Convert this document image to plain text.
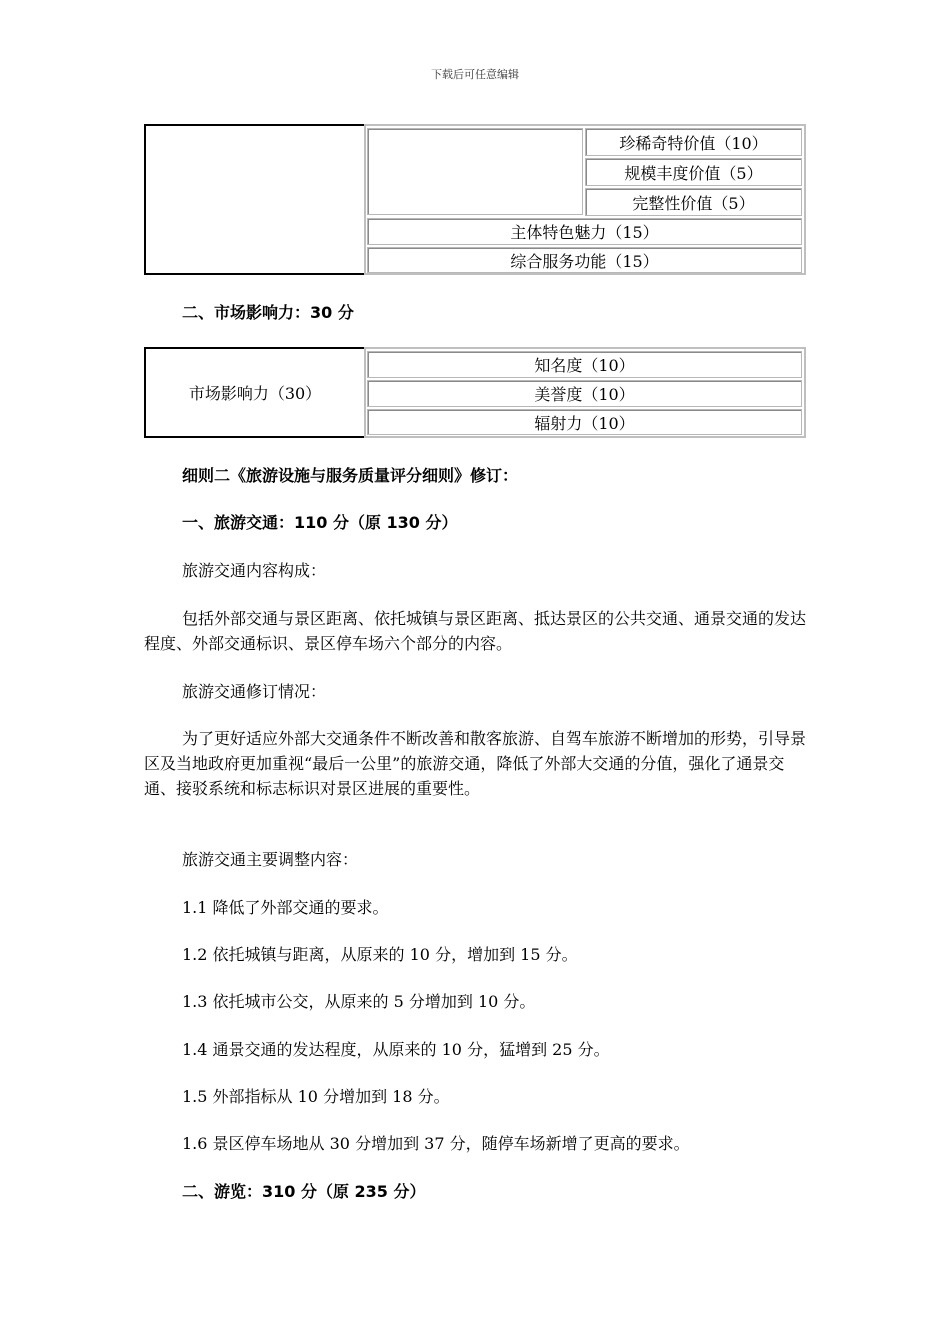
下载后可任意编辑
珍稀奇特价值（10）
规模丰度价值（5）
完整性价值（5）
主体特色魅力（15）
综合服务功能（15）
二、市场影响力：30 分
市场影响力（30）
知名度（10）
美誉度（10）
辐射力（10）
细则二《旅游设施与服务质量评分细则》修订：
一、旅游交通：110 分（原 130 分）
旅游交通内容构成：
包括外部交通与景区距离、依托城镇与景区距离、抵达景区的公共交通、通景交通的发达程度、外部交通标识、景区停车场六个部分的内容。
旅游交通修订情况：
为了更好适应外部大交通条件不断改善和散客旅游、自驾车旅游不断增加的形势，引导景区及当地政府更加重视“最后一公里”的旅游交通，降低了外部大交通的分值，强化了通景交通、接驳系统和标志标识对景区进展的重要性。
旅游交通主要调整内容：
1.1 降低了外部交通的要求。
1.2 依托城镇与距离，从原来的 10 分，增加到 15 分。
1.3 依托城市公交，从原来的 5 分增加到 10 分。
1.4 通景交通的发达程度，从原来的 10 分，猛增到 25 分。
1.5 外部指标从 10 分增加到 18 分。
1.6 景区停车场地从 30 分增加到 37 分，随停车场新增了更高的要求。
二、游览：310 分（原 235 分）
